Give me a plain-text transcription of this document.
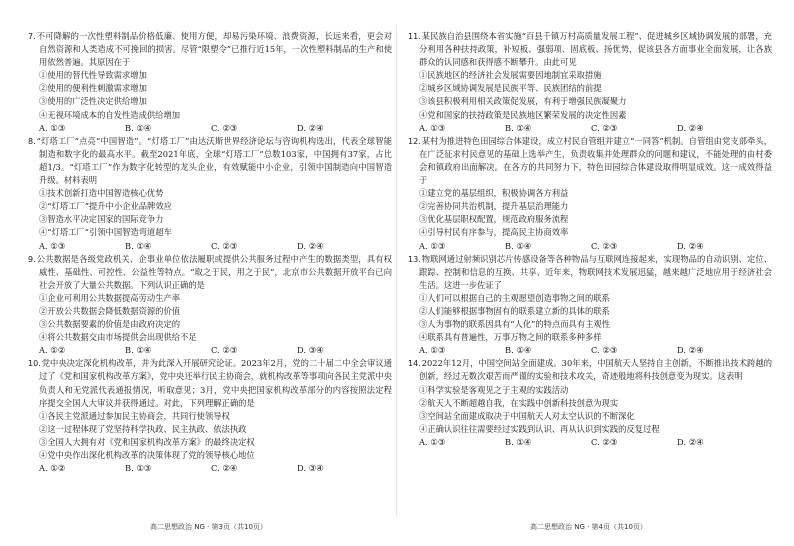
7.不可降解的一次性塑料制品价格低廉、使用方便，却易污染环境、浪费资源，长远来看，更会对自然资源和人类造成不可挽回的损害。尽管“限塑令”已推行近15年，一次性塑料制品的生产和使用依然普遍。其原因在于
①使用的替代性导致需求增加
②使用的便利性刺激需求增加
③使用的广泛性决定供给增加
④无视环境成本的自发性造成供给增加
A. ①③	B. ①④	C. ②③	D. ②④
8.“灯塔工厂”点亮“中国智造”。“灯塔工厂”由达沃斯世界经济论坛与咨询机构选出，代表全球智能制造和数字化的最高水平。截至2021年底，全球“灯塔工厂”总数103家，中国拥有37家，占比超1/3。“灯塔工厂”作为数字化转型的龙头企业，有效赋能中小企业，引领中国制造向中国智造升级。材料表明
①技术创新打造中国智造核心优势
②“灯塔工厂”提升中小企业品牌效应
③智造水平决定国家的国际竞争力
④“灯塔工厂”引领中国智造弯道超车
A. ①③	B. ①④	C. ②③	D. ②④
9.公共数据是各级党政机关、企事业单位依法履职或提供公共服务过程中产生的数据类型，具有权威性、基础性、可控性、公益性等特点。“取之于民，用之于民”，北京市公共数据开放平台已向社会开放了大量公共数据。下列认识正确的是
①企业可利用公共数据提高劳动生产率
②开放公共数据会降低数据资源的价值
③公共数据要素的价值是由政府决定的
④将公共数据交由市场提供会出现供给不足
A. ①②	B. ①④	C. ②③	D. ③④
10.党中央决定深化机构改革，并为此深入开展研究论证。2023年2月，党的二十届二中全会审议通过了《党和国家机构改革方案》，党中央还举行民主协商会，就机构改革等事项向各民主党派中央负责人和无党派代表通报情况，听取意见；3月，党中央把国家机构改革部分的内容按照法定程序提交全国人大审议并获得通过。对此，下列理解正确的是
①各民主党派通过参加民主协商会，共同行使领导权
②这一过程体现了党坚持科学执政、民主执政、依法执政
③全国人大拥有对《党和国家机构改革方案》的最终决定权
④党中央作出深化机构改革的决策体现了党的领导核心地位
A. ①②	B. ①③	C. ②④	D. ③④
11.某民族自治县围绕本省实施“百县千镇万村高质量发展工程”、促进城乡区域协调发展的部署，充分利用各种扶持政策，补短板、强弱项、固底板、扬优势，促该县各方面事业全面发展，让各族群众的认同感和获得感不断攀升。由此可见
①民族地区的经济社会发展需要因地制宜采取措施
②城乡区域协调发展是民族平等、民族团结的前提
③该县积极利用相关政策促发展，有利于增强民族凝聚力
④党和国家的扶持政策是民族地区繁荣发展的决定性因素
A. ①③	B. ①④	C. ②③	D. ②④
12.某村为推进特色田园综合体建设，成立村民自管组并建立“一同答”机制。自管组由党支部牵头，在广泛征求村民意见的基础上选举产生，负责收集并处理群众的问题和建议，不能处理的由村委会和镇政府出面解决。在各方的共同努力下，特色田园综合体建设取得明显成效。这一成效得益于
①建立党的基层组织，积极协调各方利益
②完善协同共治机制，提升基层治理能力
③优化基层职权配置，规范政府服务流程
④引导村民有序参与，提高民主协商效率
A. ①③	B. ①④	C. ②③	D. ②④
13.物联网通过射频识别芯片传感设备等各种物品与互联网连接起来，实现物品的自动识别、定位、跟踪、控制和信息的互换、共享、近年来，物联网技术发展迅猛，越来越广泛地应用于经济社会生活。这进一步佐证了
①人们可以根据自己的主观愿望创造事物之间的联系
②人们能够根据事物固有的联系建立新的具体的联系
③人为事物的联系因具有“人化”的特点而具有主观性
④联系具有普遍性，万事万物之间的联系多种多样
A. ①③	B. ①④	C. ②③	D. ②④
14.2022年12月，中国空间站全面建成。30年来，中国航天人坚持自主创新，不断推出技术跨越的创新，经过无数次艰苦而严谨的实验和技术攻关，奇迹般地将科技创意变为现实。这表明
①科学实验是客观见之于主观的实践活动
②航天人不断超越自我，在实践中创新科技创意为现实
③空间站全面建成取决于中国航天人对太空认识的不断深化
④正确认识往往需要经过实践到认识、再从认识到实践的反复过程
A. ①③	B. ①④	C. ②③	D. ②④
高二思想政治 NG · 第3页（共10页）	高二思想政治 NG · 第4页（共10页）
